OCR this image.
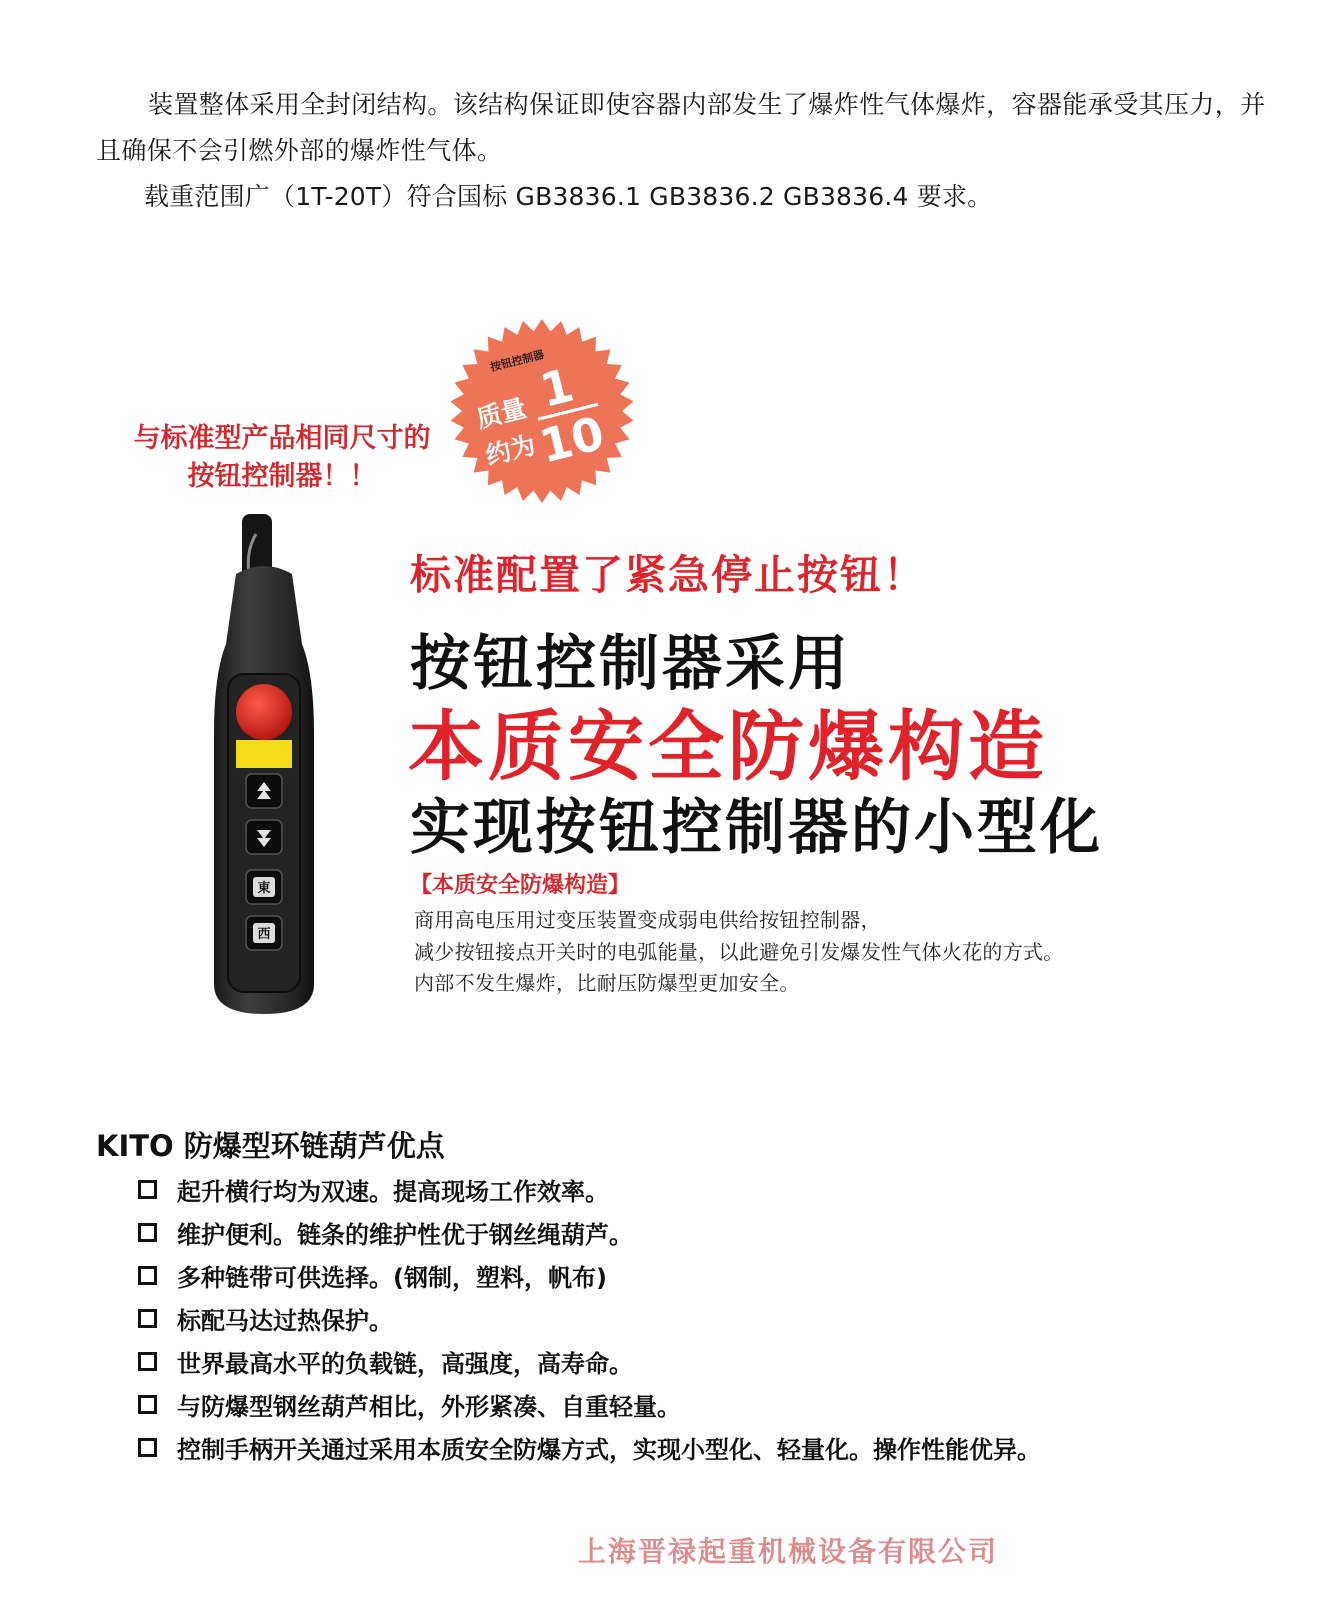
装置整体采用全封闭结构。该结构保证即使容器内部发生了爆炸性气体爆炸，容器能承受其压力，并且确保不会引燃外部的爆炸性气体。

载重范围广（1T-20T）符合国标 GB3836.1 GB3836.2 GB3836.4 要求。

与标准型产品相同尺寸的
按钮控制器！！
按钮控制器
质量
约为
1
10
東
西
标准配置了紧急停止按钮！
按钮控制器采用
本质安全防爆构造
实现按钮控制器的小型化
【本质安全防爆构造】
商用高电压用过变压装置变成弱电供给按钮控制器，
减少按钮接点开关时的电弧能量，以此避免引发爆发性气体火花的方式。
内部不发生爆炸，比耐压防爆型更加安全。
KITO 防爆型环链葫芦优点
起升横行均为双速。提高现场工作效率。
维护便利。链条的维护性优于钢丝绳葫芦。
多种链带可供选择。(钢制，塑料，帆布)
标配马达过热保护。
世界最高水平的负载链，高强度，高寿命。
与防爆型钢丝葫芦相比，外形紧凑、自重轻量。
控制手柄开关通过采用本质安全防爆方式，实现小型化、轻量化。操作性能优异。
上海晋禄起重机械设备有限公司
